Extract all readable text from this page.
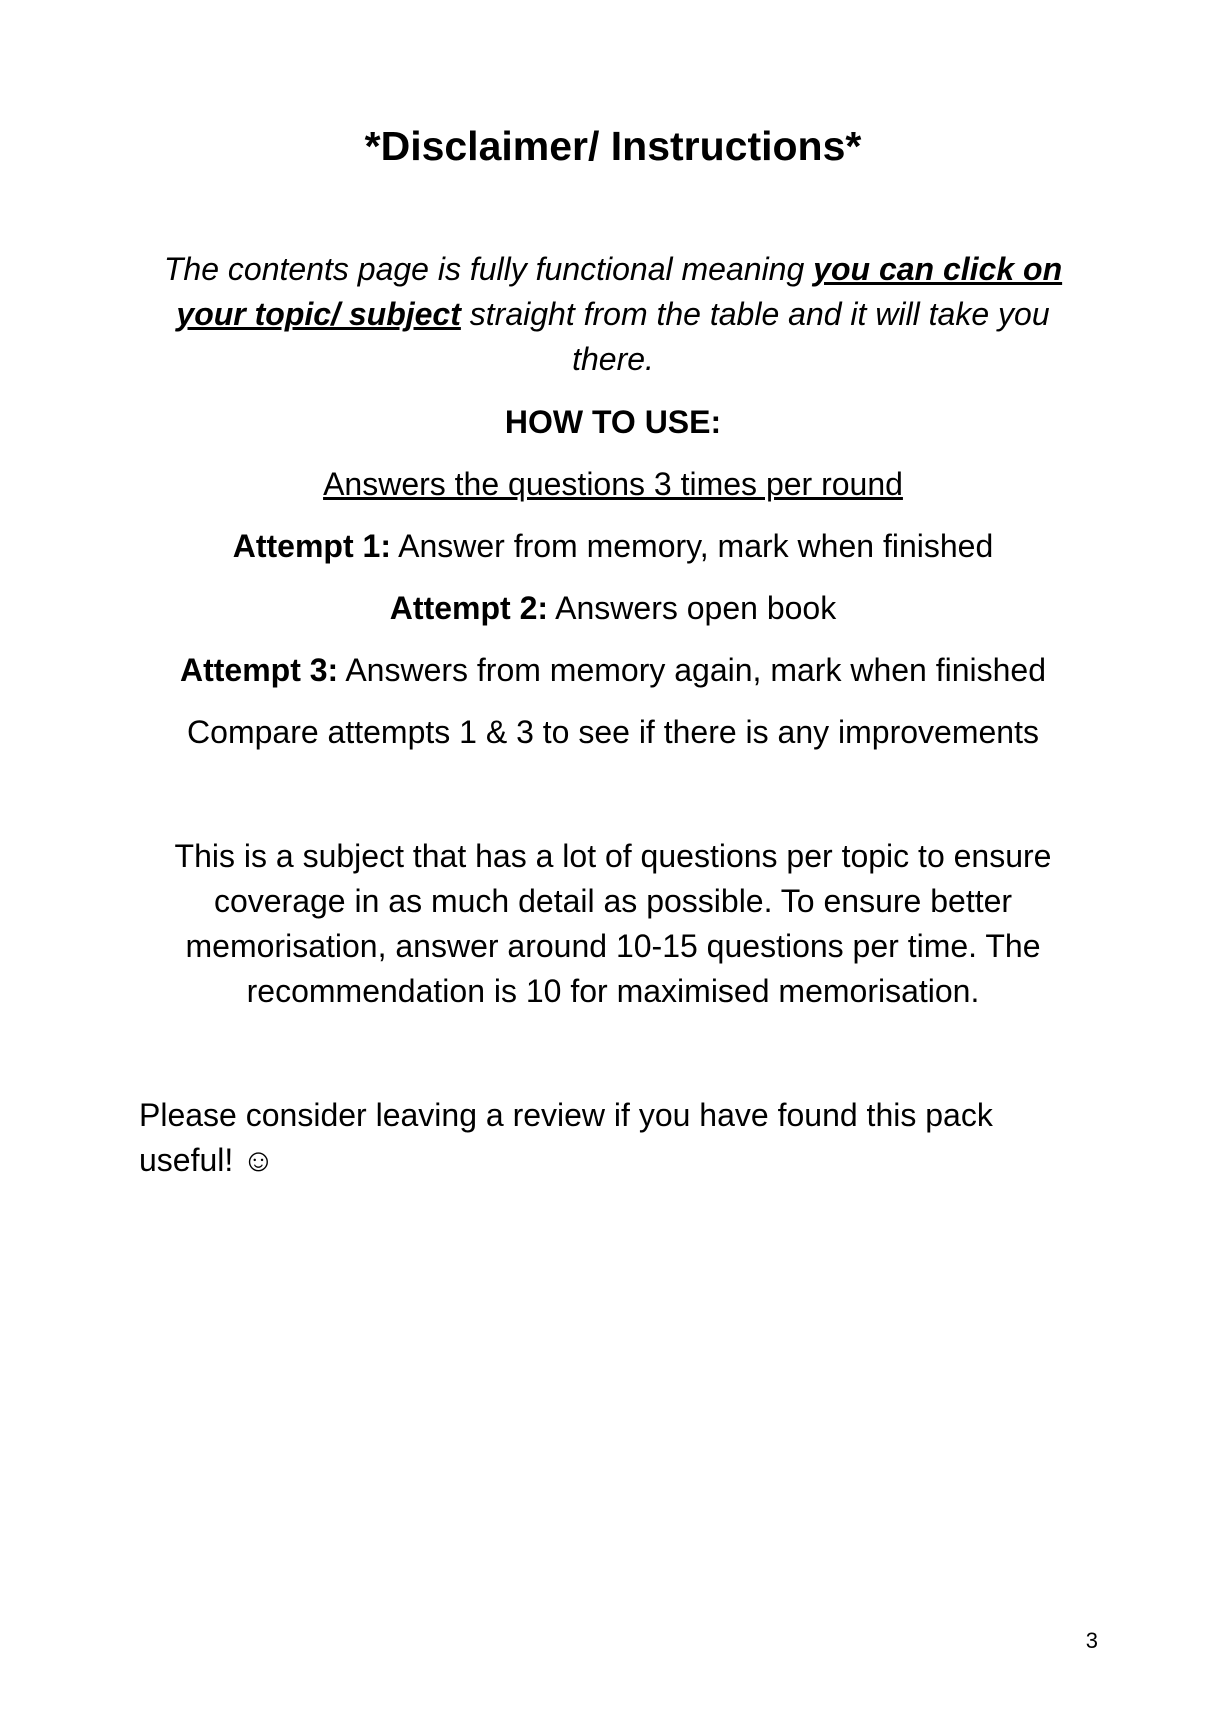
*Disclaimer/ Instructions*

The contents page is fully functional meaning you can click on your topic/ subject straight from the table and it will take you there.

HOW TO USE:

Answers the questions 3 times per round

Attempt 1: Answer from memory, mark when finished

Attempt 2: Answers open book

Attempt 3: Answers from memory again, mark when finished

Compare attempts 1 & 3 to see if there is any improvements

This is a subject that has a lot of questions per topic to ensure coverage in as much detail as possible. To ensure better memorisation, answer around 10-15 questions per time. The recommendation is 10 for maximised memorisation.

Please consider leaving a review if you have found this pack useful! ☺

3
